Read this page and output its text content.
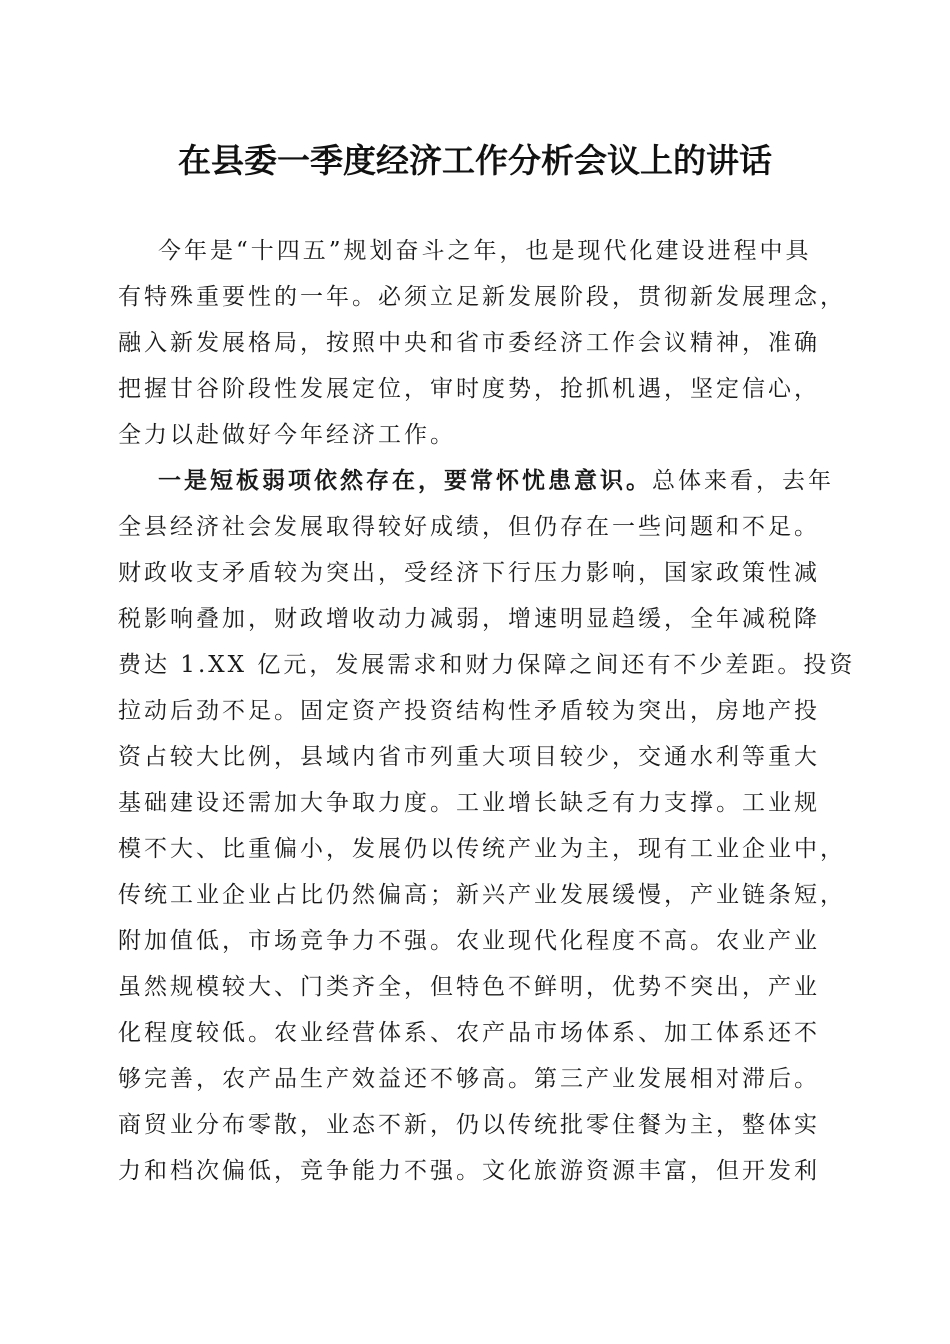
在县委一季度经济工作分析会议上的讲话
今年是“十四五”规划奋斗之年，也是现代化建设进程中具
有特殊重要性的一年。必须立足新发展阶段，贯彻新发展理念，
融入新发展格局，按照中央和省市委经济工作会议精神，准确
把握甘谷阶段性发展定位，审时度势，抢抓机遇，坚定信心，
全力以赴做好今年经济工作。
一是短板弱项依然存在，要常怀忧患意识。总体来看，去年
全县经济社会发展取得较好成绩，但仍存在一些问题和不足。
财政收支矛盾较为突出，受经济下行压力影响，国家政策性减
税影响叠加，财政增收动力减弱，增速明显趋缓，全年减税降
费达 1.XX 亿元，发展需求和财力保障之间还有不少差距。投资
拉动后劲不足。固定资产投资结构性矛盾较为突出，房地产投
资占较大比例，县域内省市列重大项目较少，交通水利等重大
基础建设还需加大争取力度。工业增长缺乏有力支撑。工业规
模不大、比重偏小，发展仍以传统产业为主，现有工业企业中，
传统工业企业占比仍然偏高；新兴产业发展缓慢，产业链条短，
附加值低，市场竞争力不强。农业现代化程度不高。农业产业
虽然规模较大、门类齐全，但特色不鲜明，优势不突出，产业
化程度较低。农业经营体系、农产品市场体系、加工体系还不
够完善，农产品生产效益还不够高。第三产业发展相对滞后。
商贸业分布零散，业态不新，仍以传统批零住餐为主，整体实
力和档次偏低，竞争能力不强。文化旅游资源丰富，但开发利
